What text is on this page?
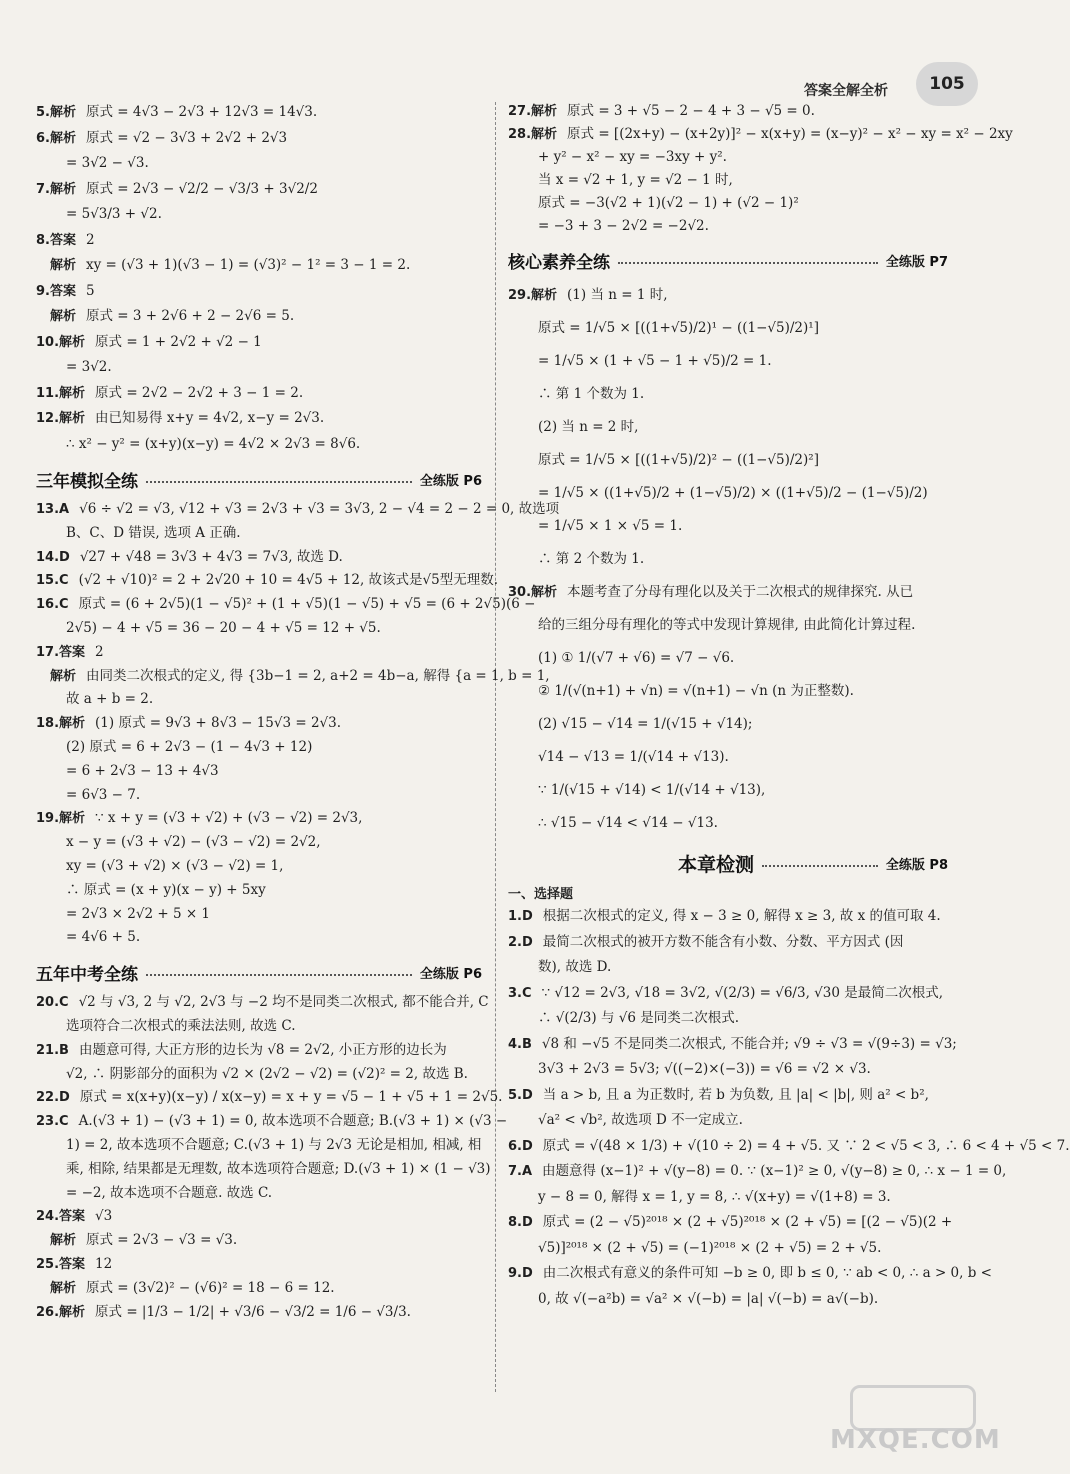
答案全解全析	105
5.解析 原式 = 4√3 − 2√3 + 12√3 = 14√3.
6.解析 原式 = √2 − 3√3 + 2√2 + 2√3
= 3√2 − √3.
7.解析 原式 = 2√3 − √2/2 − √3/3 + 3√2/2
= 5√3/3 + √2.
8.答案 2
解析 xy = (√3 + 1)(√3 − 1) = (√3)² − 1² = 3 − 1 = 2.
9.答案 5
解析 原式 = 3 + 2√6 + 2 − 2√6 = 5.
10.解析 原式 = 1 + 2√2 + √2 − 1
= 3√2.
11.解析 原式 = 2√2 − 2√2 + 3 − 1 = 2.
12.解析 由已知易得 x+y = 4√2, x−y = 2√3.
∴ x² − y² = (x+y)(x−y) = 4√2 × 2√3 = 8√6.
三年模拟全练	全练版 P6
13.A √6 ÷ √2 = √3, √12 + √3 = 2√3 + √3 = 3√3, 2 − √4 = 2 − 2 = 0, 故选项
B、C、D 错误, 选项 A 正确.
14.D √27 + √48 = 3√3 + 4√3 = 7√3, 故选 D.
15.C (√2 + √10)² = 2 + 2√20 + 10 = 4√5 + 12, 故该式是√5型无理数.
16.C 原式 = (6 + 2√5)(1 − √5)² + (1 + √5)(1 − √5) + √5 = (6 + 2√5)(6 −
2√5) − 4 + √5 = 36 − 20 − 4 + √5 = 12 + √5.
17.答案 2
解析 由同类二次根式的定义, 得 {3b−1 = 2, a+2 = 4b−a, 解得 {a = 1, b = 1,
故 a + b = 2.
18.解析 (1) 原式 = 9√3 + 8√3 − 15√3 = 2√3.
(2) 原式 = 6 + 2√3 − (1 − 4√3 + 12)
= 6 + 2√3 − 13 + 4√3
= 6√3 − 7.
19.解析 ∵ x + y = (√3 + √2) + (√3 − √2) = 2√3,
x − y = (√3 + √2) − (√3 − √2) = 2√2,
xy = (√3 + √2) × (√3 − √2) = 1,
∴ 原式 = (x + y)(x − y) + 5xy
= 2√3 × 2√2 + 5 × 1
= 4√6 + 5.
五年中考全练	全练版 P6
20.C √2 与 √3, 2 与 √2, 2√3 与 −2 均不是同类二次根式, 都不能合并, C
选项符合二次根式的乘法法则, 故选 C.
21.B 由题意可得, 大正方形的边长为 √8 = 2√2, 小正方形的边长为
√2, ∴ 阴影部分的面积为 √2 × (2√2 − √2) = (√2)² = 2, 故选 B.
22.D 原式 = x(x+y)(x−y) / x(x−y) = x + y = √5 − 1 + √5 + 1 = 2√5.
23.C A.(√3 + 1) − (√3 + 1) = 0, 故本选项不合题意; B.(√3 + 1) × (√3 −
1) = 2, 故本选项不合题意; C.(√3 + 1) 与 2√3 无论是相加, 相减, 相
乘, 相除, 结果都是无理数, 故本选项符合题意; D.(√3 + 1) × (1 − √3)
= −2, 故本选项不合题意. 故选 C.
24.答案 √3
解析 原式 = 2√3 − √3 = √3.
25.答案 12
解析 原式 = (3√2)² − (√6)² = 18 − 6 = 12.
26.解析 原式 = |1/3 − 1/2| + √3/6 − √3/2 = 1/6 − √3/3.
27.解析 原式 = 3 + √5 − 2 − 4 + 3 − √5 = 0.
28.解析 原式 = [(2x+y) − (x+2y)]² − x(x+y) = (x−y)² − x² − xy = x² − 2xy
+ y² − x² − xy = −3xy + y².
当 x = √2 + 1, y = √2 − 1 时,
原式 = −3(√2 + 1)(√2 − 1) + (√2 − 1)²
= −3 + 3 − 2√2 = −2√2.
核心素养全练	全练版 P7
29.解析 (1) 当 n = 1 时,
原式 = 1/√5 × [((1+√5)/2)¹ − ((1−√5)/2)¹]
= 1/√5 × (1 + √5 − 1 + √5)/2 = 1.
∴ 第 1 个数为 1.
(2) 当 n = 2 时,
原式 = 1/√5 × [((1+√5)/2)² − ((1−√5)/2)²]
= 1/√5 × ((1+√5)/2 + (1−√5)/2) × ((1+√5)/2 − (1−√5)/2)
= 1/√5 × 1 × √5 = 1.
∴ 第 2 个数为 1.
30.解析 本题考查了分母有理化以及关于二次根式的规律探究. 从已
给的三组分母有理化的等式中发现计算规律, 由此简化计算过程.
(1) ① 1/(√7 + √6) = √7 − √6.
② 1/(√(n+1) + √n) = √(n+1) − √n (n 为正整数).
(2) √15 − √14 = 1/(√15 + √14);
√14 − √13 = 1/(√14 + √13).
∵ 1/(√15 + √14) < 1/(√14 + √13),
∴ √15 − √14 < √14 − √13.
本章检测	全练版 P8
一、选择题
1.D 根据二次根式的定义, 得 x − 3 ≥ 0, 解得 x ≥ 3, 故 x 的值可取 4.
2.D 最简二次根式的被开方数不能含有小数、分数、平方因式 (因
数), 故选 D.
3.C ∵ √12 = 2√3, √18 = 3√2, √(2/3) = √6/3, √30 是最简二次根式,
∴ √(2/3) 与 √6 是同类二次根式.
4.B √8 和 −√5 不是同类二次根式, 不能合并; √9 ÷ √3 = √(9÷3) = √3;
3√3 + 2√3 = 5√3; √((−2)×(−3)) = √6 = √2 × √3.
5.D 当 a > b, 且 a 为正数时, 若 b 为负数, 且 |a| < |b|, 则 a² < b²,
√a² < √b², 故选项 D 不一定成立.
6.D 原式 = √(48 × 1/3) + √(10 ÷ 2) = 4 + √5. 又 ∵ 2 < √5 < 3, ∴ 6 < 4 + √5 < 7.
7.A 由题意得 (x−1)² + √(y−8) = 0. ∵ (x−1)² ≥ 0, √(y−8) ≥ 0, ∴ x − 1 = 0,
y − 8 = 0, 解得 x = 1, y = 8, ∴ √(x+y) = √(1+8) = 3.
8.D 原式 = (2 − √5)²⁰¹⁸ × (2 + √5)²⁰¹⁸ × (2 + √5) = [(2 − √5)(2 +
√5)]²⁰¹⁸ × (2 + √5) = (−1)²⁰¹⁸ × (2 + √5) = 2 + √5.
9.D 由二次根式有意义的条件可知 −b ≥ 0, 即 b ≤ 0, ∵ ab < 0, ∴ a > 0, b <
0, 故 √(−a²b) = √a² × √(−b) = |a| √(−b) = a√(−b).
MXQE.COM
